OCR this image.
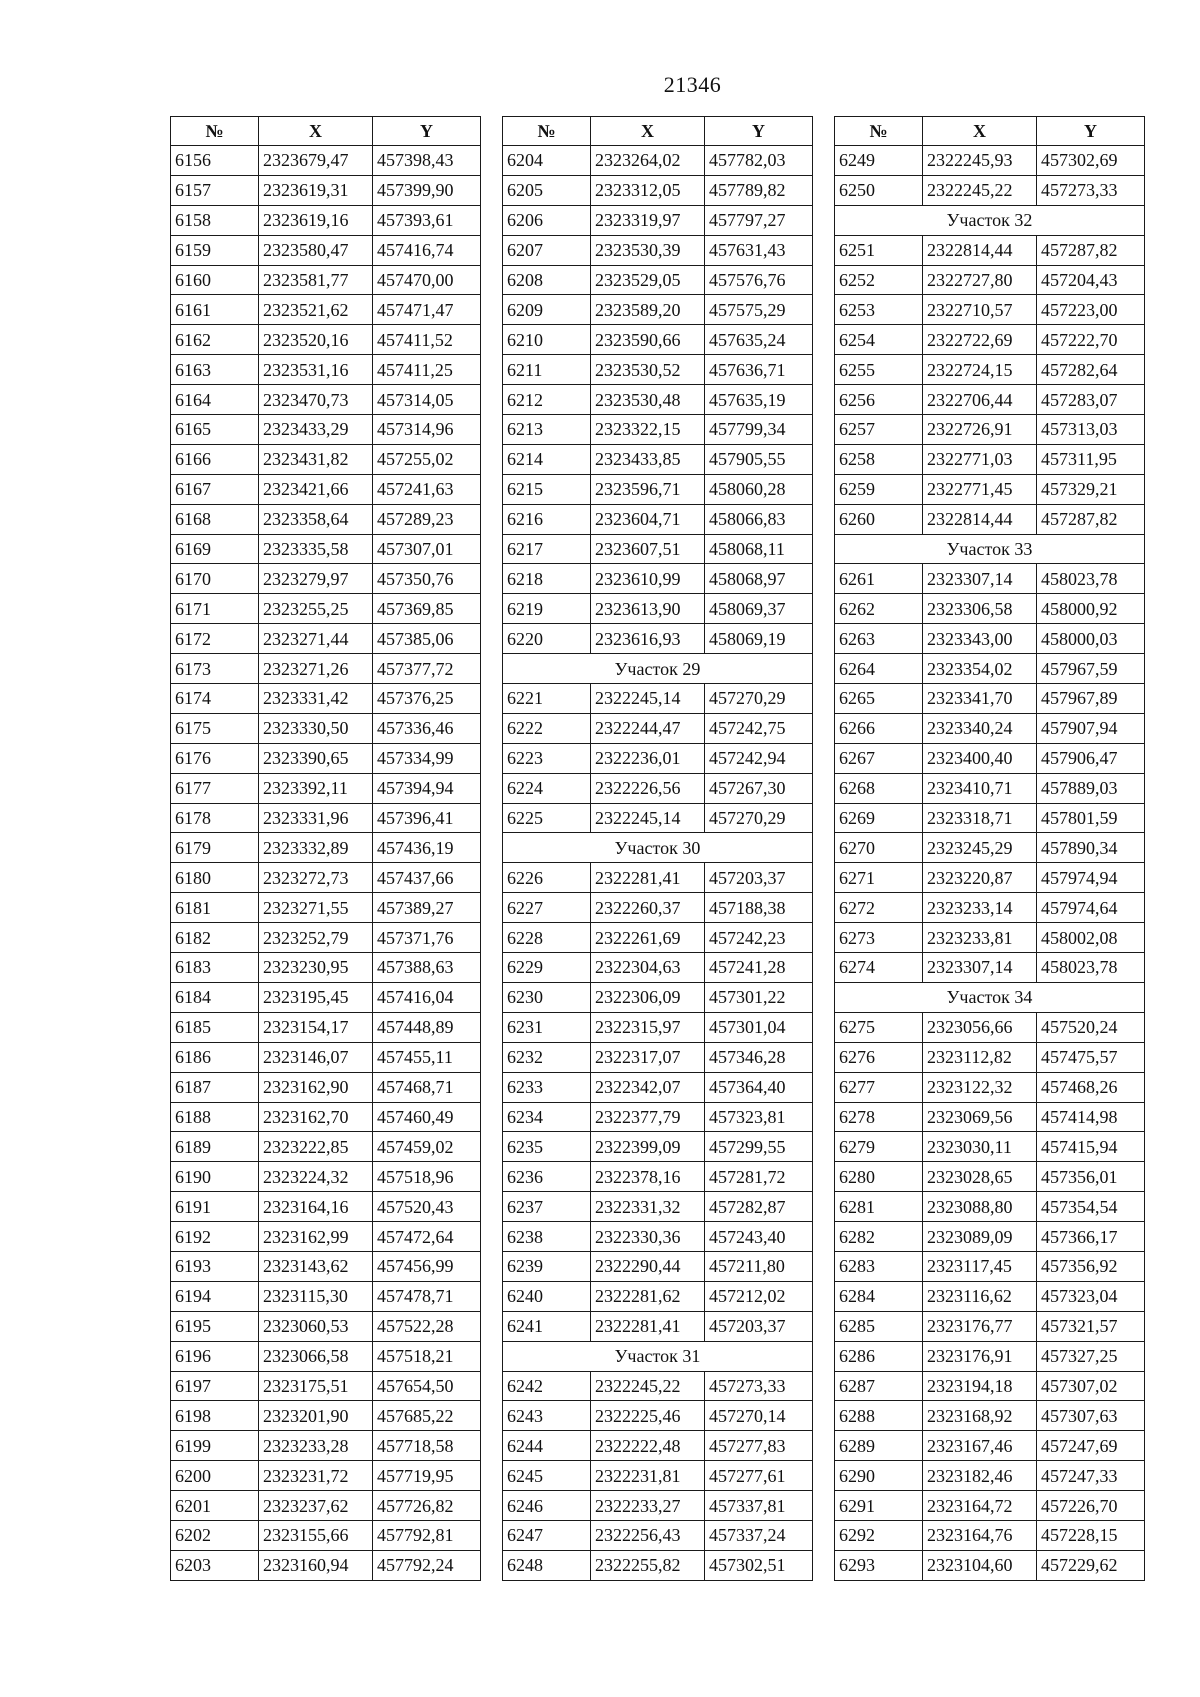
21346
№	X	Y
6156	2323679,47	457398,43
6157	2323619,31	457399,90
6158	2323619,16	457393,61
6159	2323580,47	457416,74
6160	2323581,77	457470,00
6161	2323521,62	457471,47
6162	2323520,16	457411,52
6163	2323531,16	457411,25
6164	2323470,73	457314,05
6165	2323433,29	457314,96
6166	2323431,82	457255,02
6167	2323421,66	457241,63
6168	2323358,64	457289,23
6169	2323335,58	457307,01
6170	2323279,97	457350,76
6171	2323255,25	457369,85
6172	2323271,44	457385,06
6173	2323271,26	457377,72
6174	2323331,42	457376,25
6175	2323330,50	457336,46
6176	2323390,65	457334,99
6177	2323392,11	457394,94
6178	2323331,96	457396,41
6179	2323332,89	457436,19
6180	2323272,73	457437,66
6181	2323271,55	457389,27
6182	2323252,79	457371,76
6183	2323230,95	457388,63
6184	2323195,45	457416,04
6185	2323154,17	457448,89
6186	2323146,07	457455,11
6187	2323162,90	457468,71
6188	2323162,70	457460,49
6189	2323222,85	457459,02
6190	2323224,32	457518,96
6191	2323164,16	457520,43
6192	2323162,99	457472,64
6193	2323143,62	457456,99
6194	2323115,30	457478,71
6195	2323060,53	457522,28
6196	2323066,58	457518,21
6197	2323175,51	457654,50
6198	2323201,90	457685,22
6199	2323233,28	457718,58
6200	2323231,72	457719,95
6201	2323237,62	457726,82
6202	2323155,66	457792,81
6203	2323160,94	457792,24
№	X	Y
6204	2323264,02	457782,03
6205	2323312,05	457789,82
6206	2323319,97	457797,27
6207	2323530,39	457631,43
6208	2323529,05	457576,76
6209	2323589,20	457575,29
6210	2323590,66	457635,24
6211	2323530,52	457636,71
6212	2323530,48	457635,19
6213	2323322,15	457799,34
6214	2323433,85	457905,55
6215	2323596,71	458060,28
6216	2323604,71	458066,83
6217	2323607,51	458068,11
6218	2323610,99	458068,97
6219	2323613,90	458069,37
6220	2323616,93	458069,19
Участок 29		
6221	2322245,14	457270,29
6222	2322244,47	457242,75
6223	2322236,01	457242,94
6224	2322226,56	457267,30
6225	2322245,14	457270,29
Участок 30		
6226	2322281,41	457203,37
6227	2322260,37	457188,38
6228	2322261,69	457242,23
6229	2322304,63	457241,28
6230	2322306,09	457301,22
6231	2322315,97	457301,04
6232	2322317,07	457346,28
6233	2322342,07	457364,40
6234	2322377,79	457323,81
6235	2322399,09	457299,55
6236	2322378,16	457281,72
6237	2322331,32	457282,87
6238	2322330,36	457243,40
6239	2322290,44	457211,80
6240	2322281,62	457212,02
6241	2322281,41	457203,37
Участок 31		
6242	2322245,22	457273,33
6243	2322225,46	457270,14
6244	2322222,48	457277,83
6245	2322231,81	457277,61
6246	2322233,27	457337,81
6247	2322256,43	457337,24
6248	2322255,82	457302,51
№	X	Y
6249	2322245,93	457302,69
6250	2322245,22	457273,33
Участок 32		
6251	2322814,44	457287,82
6252	2322727,80	457204,43
6253	2322710,57	457223,00
6254	2322722,69	457222,70
6255	2322724,15	457282,64
6256	2322706,44	457283,07
6257	2322726,91	457313,03
6258	2322771,03	457311,95
6259	2322771,45	457329,21
6260	2322814,44	457287,82
Участок 33		
6261	2323307,14	458023,78
6262	2323306,58	458000,92
6263	2323343,00	458000,03
6264	2323354,02	457967,59
6265	2323341,70	457967,89
6266	2323340,24	457907,94
6267	2323400,40	457906,47
6268	2323410,71	457889,03
6269	2323318,71	457801,59
6270	2323245,29	457890,34
6271	2323220,87	457974,94
6272	2323233,14	457974,64
6273	2323233,81	458002,08
6274	2323307,14	458023,78
Участок 34		
6275	2323056,66	457520,24
6276	2323112,82	457475,57
6277	2323122,32	457468,26
6278	2323069,56	457414,98
6279	2323030,11	457415,94
6280	2323028,65	457356,01
6281	2323088,80	457354,54
6282	2323089,09	457366,17
6283	2323117,45	457356,92
6284	2323116,62	457323,04
6285	2323176,77	457321,57
6286	2323176,91	457327,25
6287	2323194,18	457307,02
6288	2323168,92	457307,63
6289	2323167,46	457247,69
6290	2323182,46	457247,33
6291	2323164,72	457226,70
6292	2323164,76	457228,15
6293	2323104,60	457229,62
